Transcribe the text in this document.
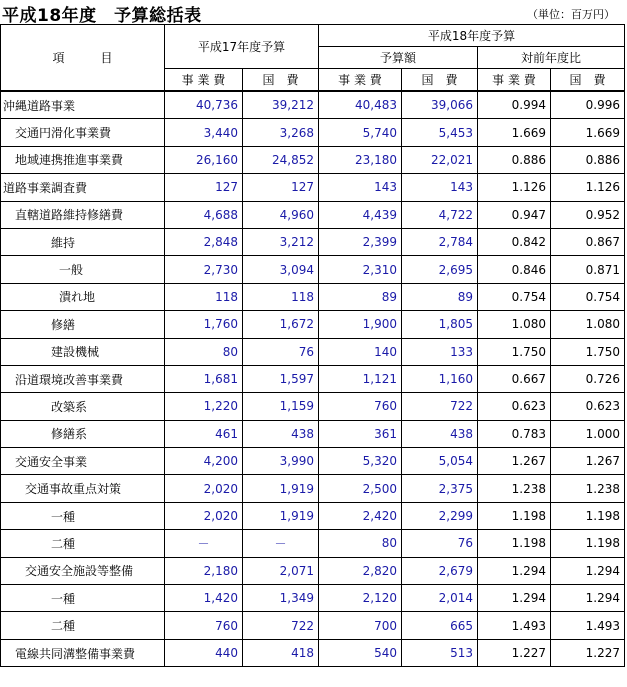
平成18年度　予算総括表	（単位：百万円）
項　　　目	平成17年度予算		平成18年度予算			
			予算額		対前年度比	
	事 業 費	国　費	事 業 費	国　費	事 業 費	国　費
沖縄道路事業	40,736	39,212	40,483	39,066	0.994	0.996
交通円滑化事業費	3,440	3,268	5,740	5,453	1.669	1.669
地域連携推進事業費	26,160	24,852	23,180	22,021	0.886	0.886
道路事業調査費	127	127	143	143	1.126	1.126
直轄道路維持修繕費	4,688	4,960	4,439	4,722	0.947	0.952
維持	2,848	3,212	2,399	2,784	0.842	0.867
一般	2,730	3,094	2,310	2,695	0.846	0.871
潰れ地	118	118	89	89	0.754	0.754
修繕	1,760	1,672	1,900	1,805	1.080	1.080
建設機械	80	76	140	133	1.750	1.750
沿道環境改善事業費	1,681	1,597	1,121	1,160	0.667	0.726
改築系	1,220	1,159	760	722	0.623	0.623
修繕系	461	438	361	438	0.783	1.000
交通安全事業	4,200	3,990	5,320	5,054	1.267	1.267
交通事故重点対策	2,020	1,919	2,500	2,375	1.238	1.238
一種	2,020	1,919	2,420	2,299	1.198	1.198
二種	－	－	80	76	1.198	1.198
交通安全施設等整備	2,180	2,071	2,820	2,679	1.294	1.294
一種	1,420	1,349	2,120	2,014	1.294	1.294
二種	760	722	700	665	1.493	1.493
電線共同溝整備事業費	440	418	540	513	1.227	1.227
